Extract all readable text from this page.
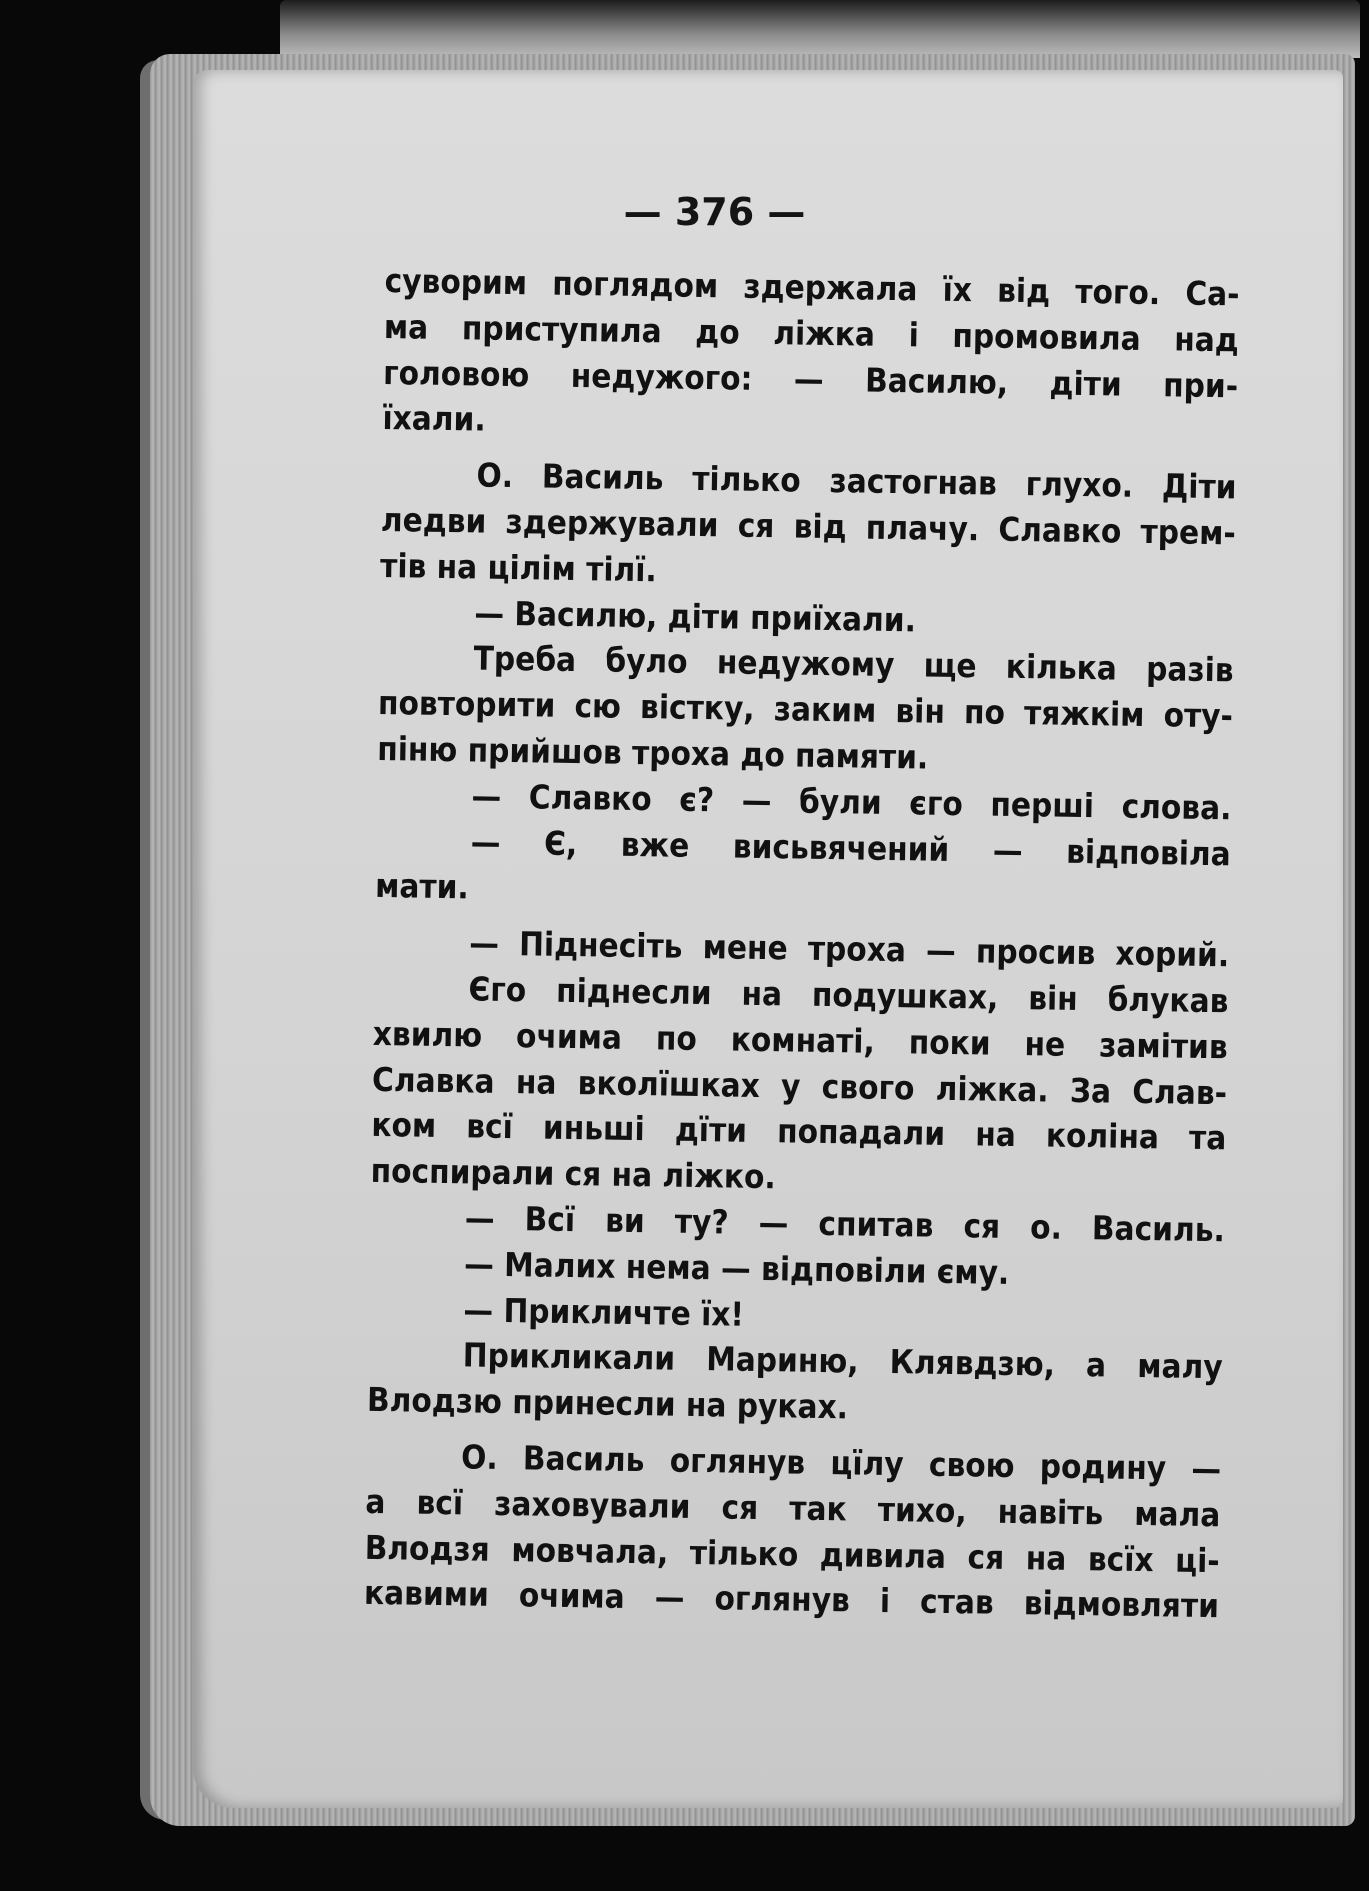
— 376 —
суворим поглядом здержала їх від того. Са-
ма приступила до ліжка і промовила над
головою недужого: — Василю, діти при-
їхали.
О. Василь тілько застогнав глухо. Діти
ледви здержували ся від плачу. Славко трем-
тів на цілім тілї.
— Василю, діти приїхали.
Треба було недужому ще кілька разів
повторити сю вістку, заким він по тяжкім оту-
піню прийшов троха до памяти.
— Славко є? — були єго перші слова.
— Є, вже висьвячений — відповіла
мати.
— Піднесіть мене троха — просив хорий.
Єго піднесли на подушках, він блукав
хвилю очима по комнаті, поки не замітив
Славка на вколїшках у свого ліжка. За Слав-
ком всї иньші дїти попадали на коліна та
поспирали ся на ліжко.
— Всї ви ту? — спитав ся о. Василь.
— Малих нема — відповіли єму.
— Прикличте їх!
Прикликали Мариню, Клявдзю, а малу
Влодзю принесли на руках.
О. Василь оглянув цїлу свою родину —
а всї заховували ся так тихо, навіть мала
Влодзя мовчала, тілько дивила ся на всїх ці-
кавими очима — оглянув і став відмовляти
